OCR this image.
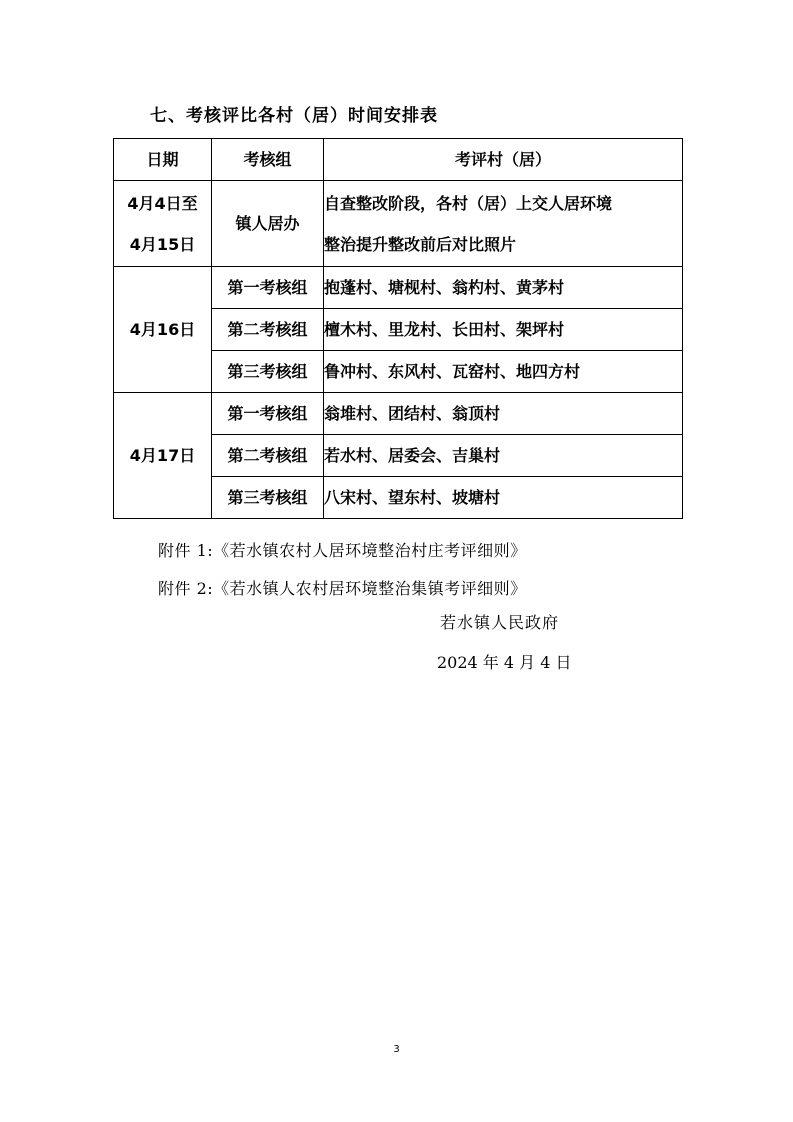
七、考核评比各村（居）时间安排表
日期	考核组	考评村（居）

4月4日至
4月15日	镇人居办	自查整改阶段，各村（居）上交人居环境
整治提升整改前后对比照片

4月16日	第一考核组	抱蓬村、塘枧村、翁杓村、黄茅村
	第二考核组	檀木村、里龙村、长田村、架坪村
	第三考核组	鲁冲村、东风村、瓦窑村、地四方村
4月17日	第一考核组	翁堆村、团结村、翁顶村
	第二考核组	若水村、居委会、吉巢村
	第三考核组	八宋村、望东村、坡塘村
附件 1:《若水镇农村人居环境整治村庄考评细则》
附件 2:《若水镇人农村居环境整治集镇考评细则》
若水镇人民政府
2024 年 4 月 4 日
3
